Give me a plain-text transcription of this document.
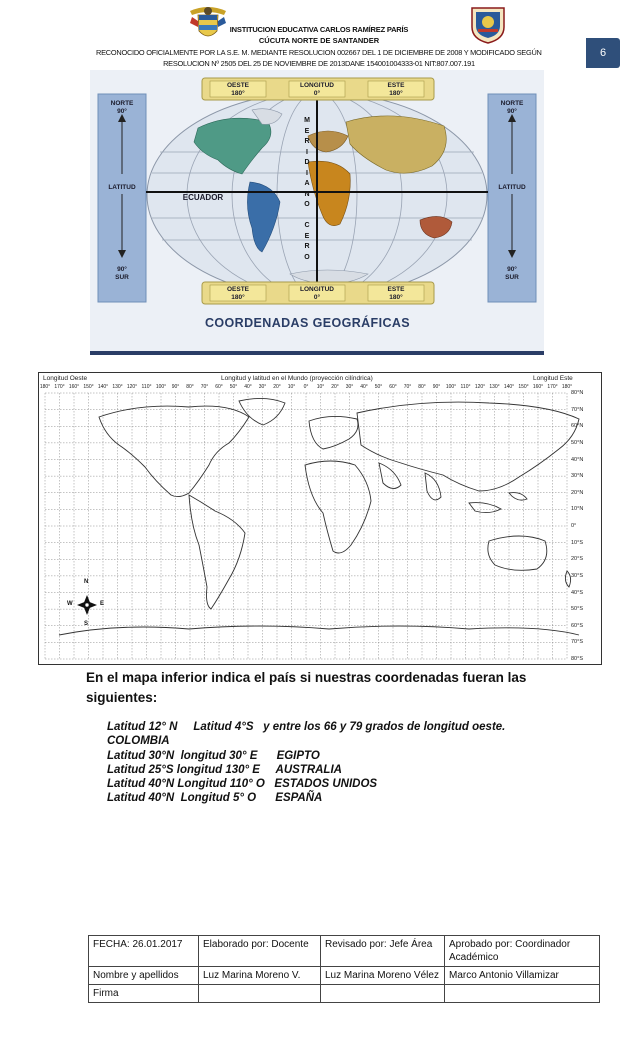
INSTITUCION EDUCATIVA CARLOS RAMÍREZ PARÍS
CÚCUTA NORTE DE SANTANDER
RECONOCIDO OFICIALMENTE POR LA S.E. M. MEDIANTE RESOLUCION 002667 DEL 1 DE DICIEMBRE DE 2008 Y MODIFICADO SEGÚN
RESOLUCION Nº 2505 DEL 25 DE NOVIEMBRE DE 2013DANE 154001004333-01 NIT:807.007.191
6
OESTE
180°
LONGITUD
0°
ESTE
180°
OESTE
180°
LONGITUD
0°
ESTE
180°
NORTE
90°
LATITUD
90°
SUR
NORTE
90°
LATITUD
90°
SUR
ECUADOR
M
E
R
I
D
I
A
N
O

C
E
R
O
COORDENADAS GEOGRÁFICAS
Longitud Oeste	Longitud y latitud en el Mundo (proyección cilíndrica)	Longitud Este
N
S
E
W
180° 170° 160° 150° 140° 130° 120° 110° 100°	90°	80°	70°	60°	50°	40°	30°	20°	10°	0°	10°	20°	30°	40°	50°	60°	70°	80°	90°	100° 110° 120° 130° 140° 150° 160° 170° 180°
80°N
70°N
60°N
50°N
40°N
30°N
20°N
10°N
0°
10°S
20°S
30°S
40°S
50°S
60°S
70°S
80°S
En el mapa inferior indica el país si nuestras coordenadas fueran las siguientes:
Latitud 12° N     Latitud 4°S   y entre los 66 y 79 grados de longitud oeste.
COLOMBIA
Latitud 30°N  longitud 30° E      EGIPTO
Latitud 25°S longitud 130° E     AUSTRALIA
Latitud 40°N Longitud 110° O   ESTADOS UNIDOS
Latitud 40°N  Longitud 5° O      ESPAÑA
FECHA: 26.01.2017	Elaborado por: Docente	Revisado por: Jefe Área	Aprobado por: Coordinador Académico
Nombre y apellidos	Luz Marina Moreno V.	Luz Marina Moreno Vélez	Marco Antonio Villamizar
Firma			
